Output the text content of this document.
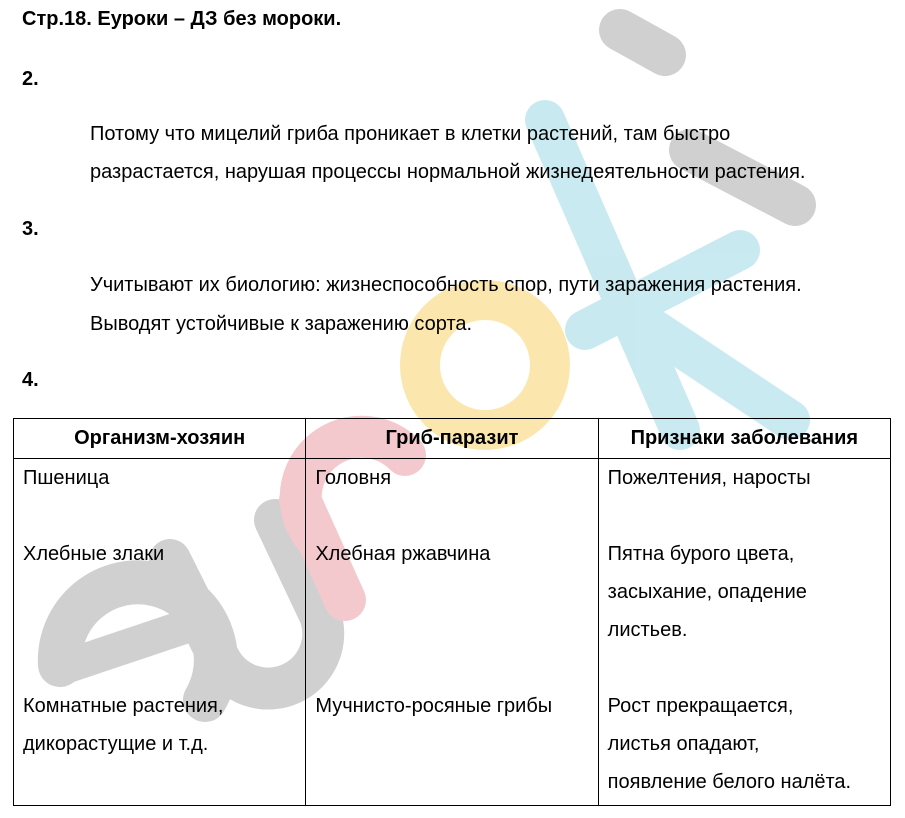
Стр.18. Еуроки – ДЗ без мороки.
2.
Потому что мицелий гриба проникает в клетки растений, там быстро
разрастается, нарушая процессы нормальной жизнедеятельности растения.
3.
Учитывают их биологию: жизнеспособность спор, пути заражения растения.
Выводят устойчивые к заражению сорта.
4.
Организм-хозяин	Гриб-паразит	Признаки заболевания

Пшеница	Головня	Пожелтения, наросты

Хлебные злаки	Хлебная ржавчина	Пятна бурого цвета,
засыхание, опадение
листьев.

Комнатные растения,
дикорастущие и т.д.	Мучнисто-росяные грибы	Рост прекращается,
листья опадают,
появление белого налёта.
